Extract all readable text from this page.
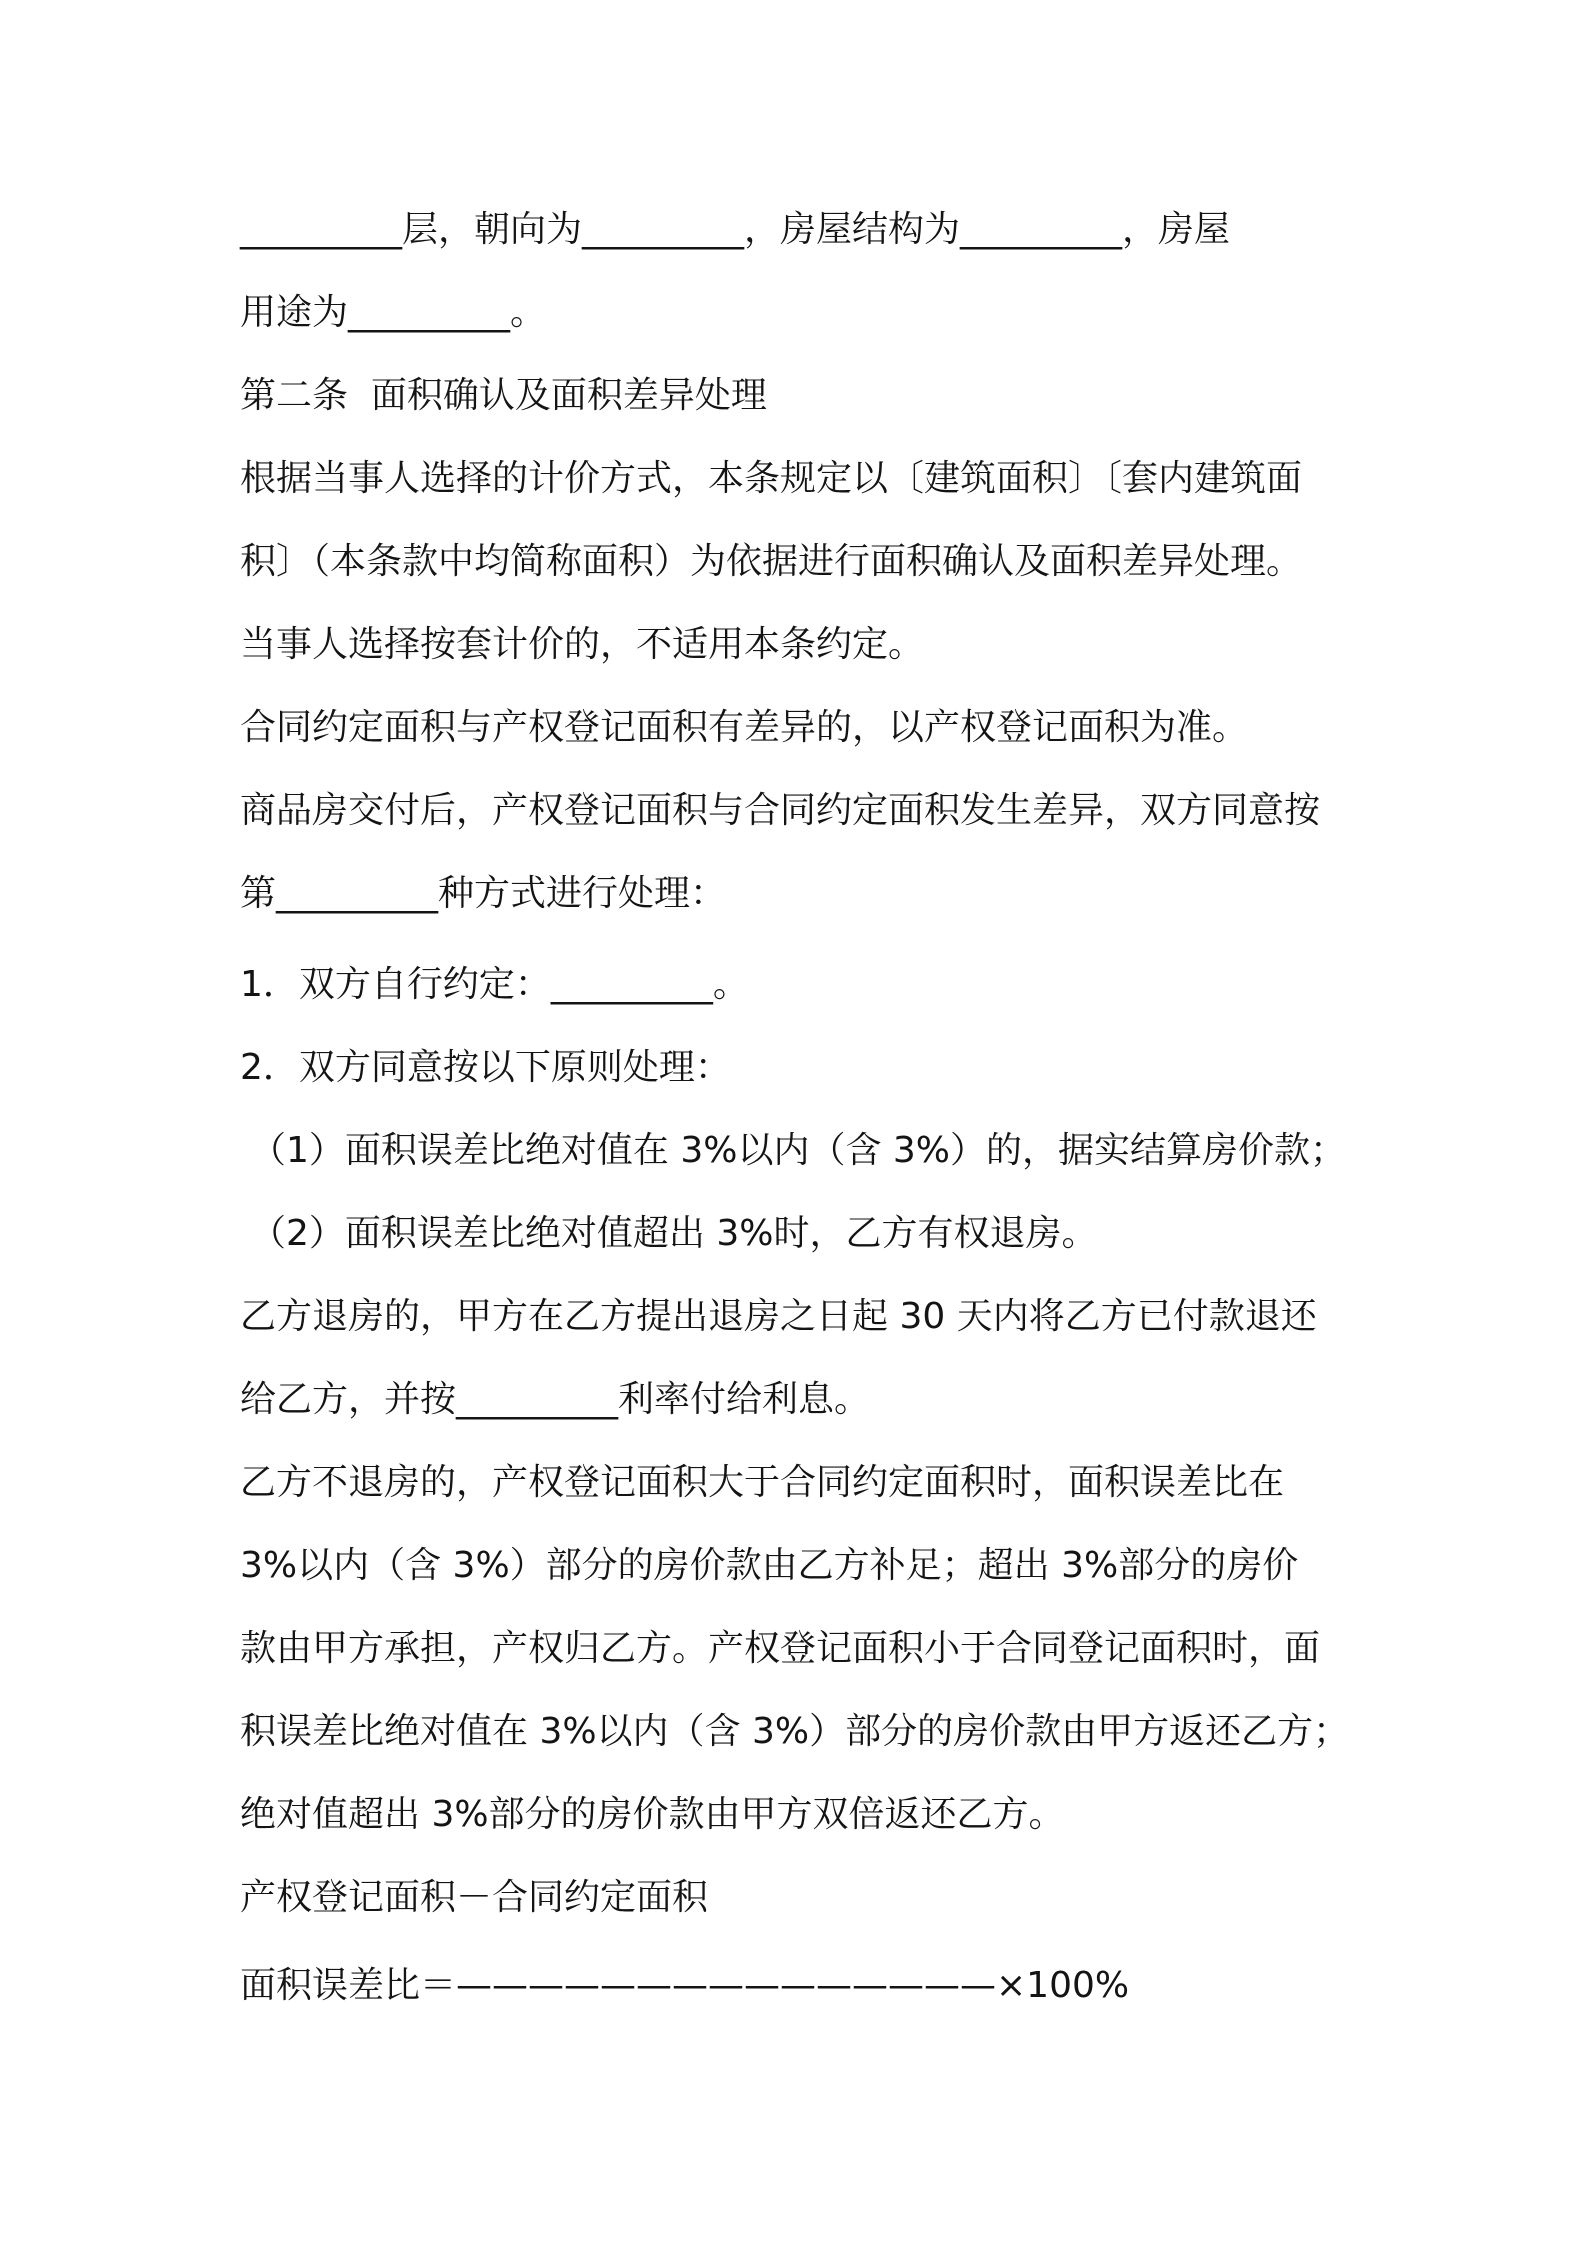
_________层，朝向为_________，房屋结构为_________，房屋
用途为_________。
第二条  面积确认及面积差异处理
根据当事人选择的计价方式，本条规定以〔建筑面积〕〔套内建筑面
积〕（本条款中均简称面积）为依据进行面积确认及面积差异处理。
当事人选择按套计价的，不适用本条约定。
合同约定面积与产权登记面积有差异的，以产权登记面积为准。
商品房交付后，产权登记面积与合同约定面积发生差异，双方同意按
第_________种方式进行处理：
1．双方自行约定：_________。
2．双方同意按以下原则处理：
（1）面积误差比绝对值在 3%以内（含 3%）的，据实结算房价款；
（2）面积误差比绝对值超出 3%时，乙方有权退房。
乙方退房的，甲方在乙方提出退房之日起 30 天内将乙方已付款退还
给乙方，并按_________利率付给利息。
乙方不退房的，产权登记面积大于合同约定面积时，面积误差比在
3%以内（含 3%）部分的房价款由乙方补足；超出 3%部分的房价
款由甲方承担，产权归乙方。产权登记面积小于合同登记面积时，面
积误差比绝对值在 3%以内（含 3%）部分的房价款由甲方返还乙方；
绝对值超出 3%部分的房价款由甲方双倍返还乙方。
产权登记面积－合同约定面积
面积误差比＝———————————————×100%
